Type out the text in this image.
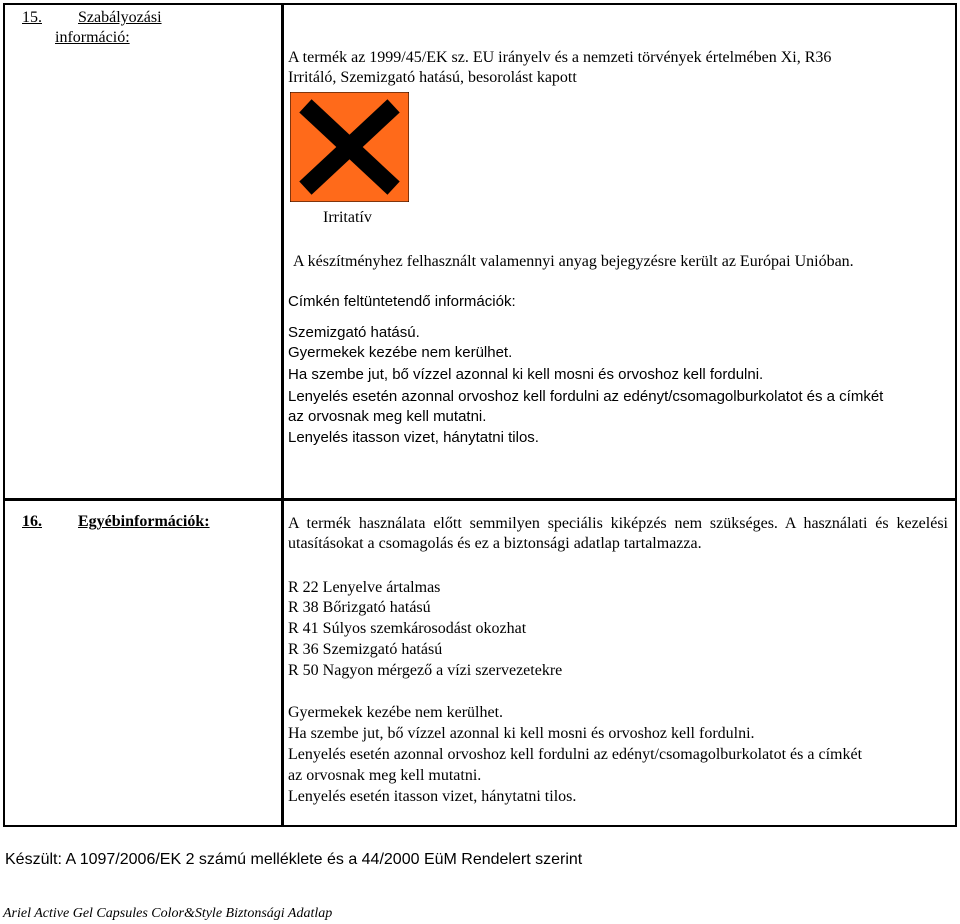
15. Szabályozási
információ:
A termék az 1999/45/EK sz. EU irányelv és a nemzeti törvények értelmében Xi, R36
Irritáló, Szemizgató hatású, besorolást kapott
Irritatív
A készítményhez felhasznált valamennyi anyag bejegyzésre került az Európai Unióban.
Címkén feltüntetendő információk:
Szemizgató hatású.
Gyermekek kezébe nem kerülhet.
Ha szembe jut, bő vízzel azonnal ki kell mosni és orvoshoz kell fordulni.
Lenyelés esetén azonnal orvoshoz kell fordulni az edényt/csomagolburkolatot és a címkét
az orvosnak meg kell mutatni.
Lenyelés itasson vizet, hánytatni tilos.
16. Egyébinformációk:	A termék használata előtt semmilyen speciális kiképzés nem szükséges. A használati és kezelési utasításokat a csomagolás és ez a biztonsági adatlap tartalmazza.
R 22 Lenyelve ártalmas
R 38 Bőrizgató hatású
R 41 Súlyos szemkárosodást okozhat
R 36 Szemizgató hatású
R 50 Nagyon mérgező a vízi szervezetekre
Gyermekek kezébe nem kerülhet.
Ha szembe jut, bő vízzel azonnal ki kell mosni és orvoshoz kell fordulni.
Lenyelés esetén azonnal orvoshoz kell fordulni az edényt/csomagolburkolatot és a címkét
az orvosnak meg kell mutatni.
Lenyelés esetén itasson vizet, hánytatni tilos.
Készült: A 1097/2006/EK 2 számú melléklete és a 44/2000 EüM Rendelert szerint
Ariel Active Gel Capsules Color&Style Biztonsági Adatlap
